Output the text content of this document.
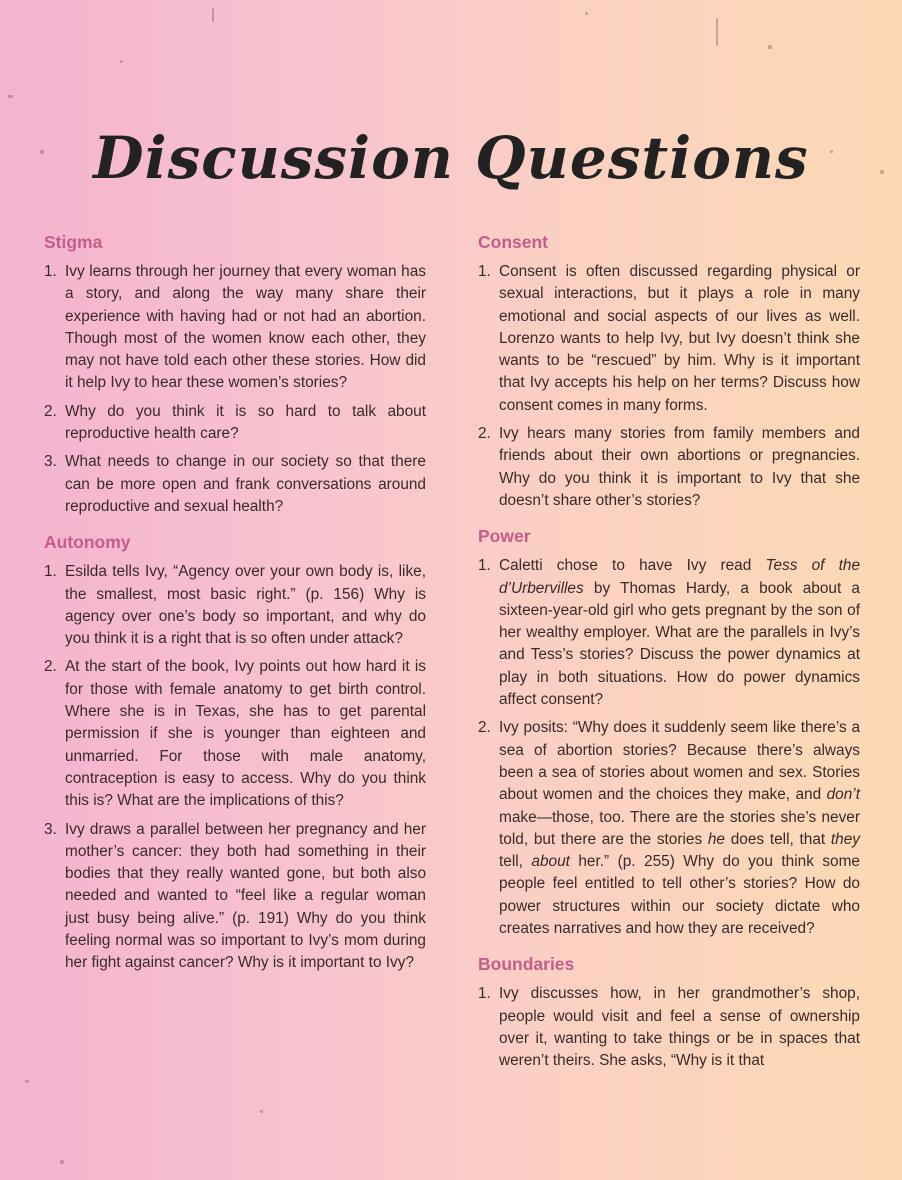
Discussion Questions
Stigma
1. Ivy learns through her journey that every woman has a story, and along the way many share their experience with having had or not had an abortion. Though most of the women know each other, they may not have told each other these stories. How did it help Ivy to hear these women’s stories?
2. Why do you think it is so hard to talk about reproductive health care?
3. What needs to change in our society so that there can be more open and frank conversations around reproductive and sexual health?
Autonomy
1. Esilda tells Ivy, “Agency over your own body is, like, the smallest, most basic right.” (p. 156) Why is agency over one’s body so important, and why do you think it is a right that is so often under attack?
2. At the start of the book, Ivy points out how hard it is for those with female anatomy to get birth control. Where she is in Texas, she has to get parental permission if she is younger than eighteen and unmarried. For those with male anatomy, contraception is easy to access. Why do you think this is? What are the implications of this?
3. Ivy draws a parallel between her pregnancy and her mother’s cancer: they both had something in their bodies that they really wanted gone, but both also needed and wanted to “feel like a regular woman just busy being alive.” (p. 191) Why do you think feeling normal was so important to Ivy’s mom during her fight against cancer? Why is it important to Ivy?
Consent
1. Consent is often discussed regarding physical or sexual interactions, but it plays a role in many emotional and social aspects of our lives as well. Lorenzo wants to help Ivy, but Ivy doesn’t think she wants to be “rescued” by him. Why is it important that Ivy accepts his help on her terms? Discuss how consent comes in many forms.
2. Ivy hears many stories from family members and friends about their own abortions or pregnancies. Why do you think it is important to Ivy that she doesn’t share other’s stories?
Power
1. Caletti chose to have Ivy read Tess of the d’Urbervilles by Thomas Hardy, a book about a sixteen-year-old girl who gets pregnant by the son of her wealthy employer. What are the parallels in Ivy’s and Tess’s stories? Discuss the power dynamics at play in both situations. How do power dynamics affect consent?
2. Ivy posits: “Why does it suddenly seem like there’s a sea of abortion stories? Because there’s always been a sea of stories about women and sex. Stories about women and the choices they make, and don’t make—those, too. There are the stories she’s never told, but there are the stories he does tell, that they tell, about her.” (p. 255) Why do you think some people feel entitled to tell other’s stories? How do power structures within our society dictate who creates narratives and how they are received?
Boundaries
1. Ivy discusses how, in her grandmother’s shop, people would visit and feel a sense of ownership over it, wanting to take things or be in spaces that weren’t theirs. She asks, “Why is it that
